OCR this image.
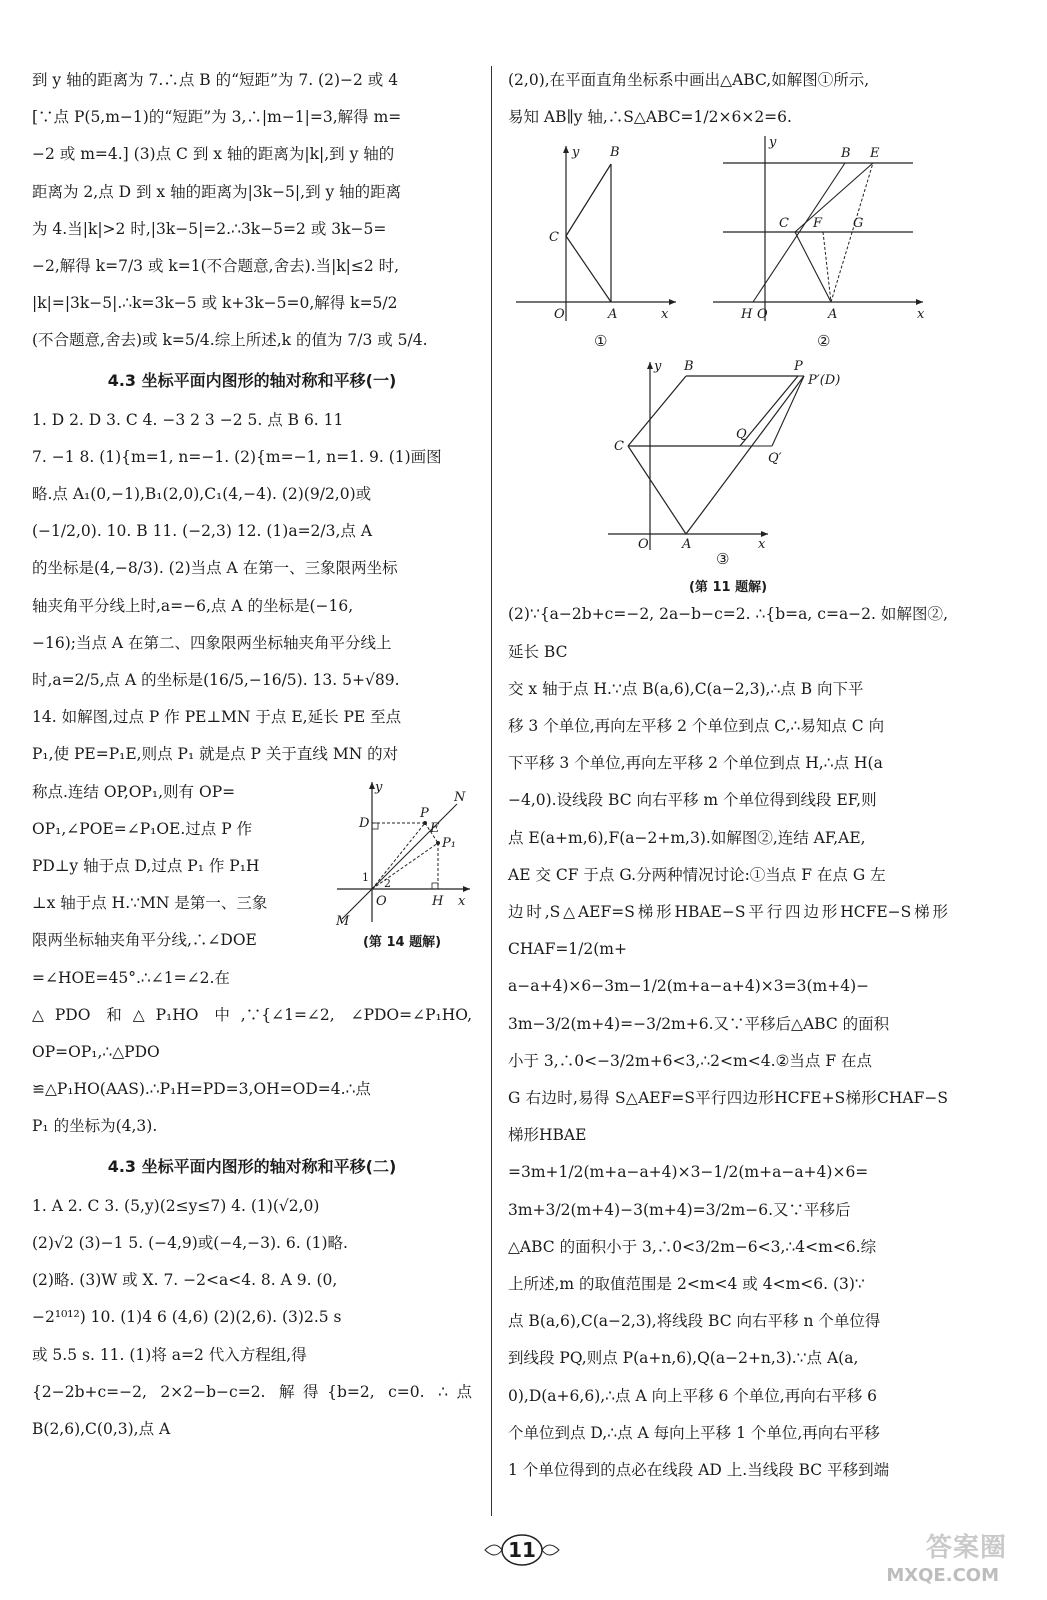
到 y 轴的距离为 7.∴点 B 的“短距”为 7. (2)−2 或 4

[∵点 P(5,m−1)的“短距”为 3,∴|m−1|=3,解得 m=

−2 或 m=4.] (3)点 C 到 x 轴的距离为|k|,到 y 轴的

距离为 2,点 D 到 x 轴的距离为|3k−5|,到 y 轴的距离

为 4.当|k|>2 时,|3k−5|=2.∴3k−5=2 或 3k−5=

−2,解得 k=7/3 或 k=1(不合题意,舍去).当|k|≤2 时,

|k|=|3k−5|.∴k=3k−5 或 k+3k−5=0,解得 k=5/2

(不合题意,舍去)或 k=5/4.综上所述,k 的值为 7/3 或 5/4.

4.3 坐标平面内图形的轴对称和平移(一)

1. D 2. D 3. C 4. −3 2 3 −2 5. 点 B 6. 11

7. −1 8. (1){m=1, n=−1. (2){m=−1, n=1. 9. (1)画图

略.点 A₁(0,−1),B₁(2,0),C₁(4,−4). (2)(9/2,0)或

(−1/2,0). 10. B 11. (−2,3) 12. (1)a=2/3,点 A

的坐标是(4,−8/3). (2)当点 A 在第一、三象限两坐标

轴夹角平分线上时,a=−6,点 A 的坐标是(−16,

−16);当点 A 在第二、四象限两坐标轴夹角平分线上

时,a=2/5,点 A 的坐标是(16/5,−16/5). 13. 5+√89.

14. 如解图,过点 P 作 PE⊥MN 于点 E,延长 PE 至点

P₁,使 PE=P₁E,则点 P₁ 就是点 P 关于直线 MN 的对

称点.连结 OP,OP₁,则有 OP=

OP₁,∠POE=∠P₁OE.过点 P 作

PD⊥y 轴于点 D,过点 P₁ 作 P₁H

⊥x 轴于点 H.∵MN 是第一、三象

限两坐标轴夹角平分线,∴∠DOE

=∠HOE=45°.∴∠1=∠2.在

y
P
N
E
P₁
D
O	H x
M
1 2
(第 14 题解)

△PDO 和△P₁HO 中,∵{∠1=∠2, ∠PDO=∠P₁HO, OP=OP₁,∴△PDO

≌△P₁HO(AAS).∴P₁H=PD=3,OH=OD=4.∴点

P₁ 的坐标为(4,3).

4.3 坐标平面内图形的轴对称和平移(二)

1. A 2. C 3. (5,y)(2≤y≤7) 4. (1)(√2,0)

(2)√2 (3)−1 5. (−4,9)或(−4,−3). 6. (1)略.

(2)略. (3)W 或 X. 7. −2<a<4. 8. A 9. (0,

−2¹⁰¹²) 10. (1)4 6 (4,6) (2)(2,6). (3)2.5 s

或 5.5 s. 11. (1)将 a=2 代入方程组,得

{2−2b+c=−2, 2×2−b−c=2. 解得{b=2, c=0. ∴点 B(2,6),C(0,3),点 A

(2,0),在平面直角坐标系中画出△ABC,如解图①所示,

易知 AB∥y 轴,∴S△ABC=1/2×6×2=6.

y B
C
O	A	x
①
y
B E
C F G
H O	A	x
②
y B	P
P′(D)
C
Q
Q′
O	A	x
③
(第 11 题解)

(2)∵{a−2b+c=−2, 2a−b−c=2. ∴{b=a, c=a−2. 如解图②,延长 BC

交 x 轴于点 H.∵点 B(a,6),C(a−2,3),∴点 B 向下平

移 3 个单位,再向左平移 2 个单位到点 C,∴易知点 C 向

下平移 3 个单位,再向左平移 2 个单位到点 H,∴点 H(a

−4,0).设线段 BC 向右平移 m 个单位得到线段 EF,则

点 E(a+m,6),F(a−2+m,3).如解图②,连结 AF,AE,

AE 交 CF 于点 G.分两种情况讨论:①当点 F 在点 G 左

边时,S△AEF=S梯形HBAE−S平行四边形HCFE−S梯形CHAF=1/2(m+

a−a+4)×6−3m−1/2(m+a−a+4)×3=3(m+4)−

3m−3/2(m+4)=−3/2m+6.又∵平移后△ABC 的面积

小于 3,∴0<−3/2m+6<3,∴2<m<4.②当点 F 在点

G 右边时,易得 S△AEF=S平行四边形HCFE+S梯形CHAF−S梯形HBAE

=3m+1/2(m+a−a+4)×3−1/2(m+a−a+4)×6=

3m+3/2(m+4)−3(m+4)=3/2m−6.又∵平移后

△ABC 的面积小于 3,∴0<3/2m−6<3,∴4<m<6.综

上所述,m 的取值范围是 2<m<4 或 4<m<6. (3)∵

点 B(a,6),C(a−2,3),将线段 BC 向右平移 n 个单位得

到线段 PQ,则点 P(a+n,6),Q(a−2+n,3).∵点 A(a,

0),D(a+6,6),∴点 A 向上平移 6 个单位,再向右平移 6

个单位到点 D,∴点 A 每向上平移 1 个单位,再向右平移

1 个单位得到的点必在线段 AD 上.当线段 BC 平移到端

11	答案圈
MXQE.COM
